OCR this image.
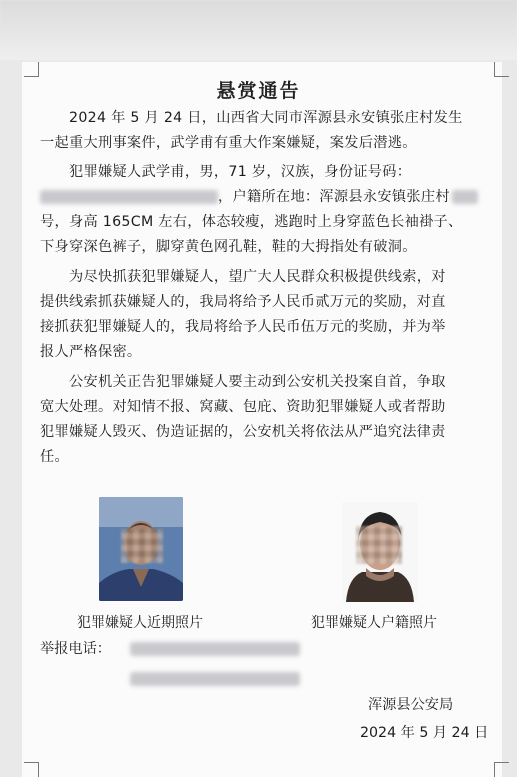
悬赏通告
2024 年 5 月 24 日，山西省大同市浑源县永安镇张庄村发生
一起重大刑事案件，武学甫有重大作案嫌疑，案发后潜逃。
犯罪嫌疑人武学甫，男，71 岁，汉族，身份证号码：
，户籍所在地：浑源县永安镇张庄村
号，身高 165CM 左右，体态较瘦，逃跑时上身穿蓝色长袖褂子、
下身穿深色裤子，脚穿黄色网孔鞋，鞋的大拇指处有破洞。
为尽快抓获犯罪嫌疑人，望广大人民群众积极提供线索，对
提供线索抓获嫌疑人的，我局将给予人民币贰万元的奖励，对直
接抓获犯罪嫌疑人的，我局将给予人民币伍万元的奖励，并为举
报人严格保密。
公安机关正告犯罪嫌疑人要主动到公安机关投案自首，争取
宽大处理。对知情不报、窝藏、包庇、资助犯罪嫌疑人或者帮助
犯罪嫌疑人毁灭、伪造证据的，公安机关将依法从严追究法律责
任。
犯罪嫌疑人近期照片	犯罪嫌疑人户籍照片
举报电话：
浑源县公安局
2024 年 5 月 24 日
